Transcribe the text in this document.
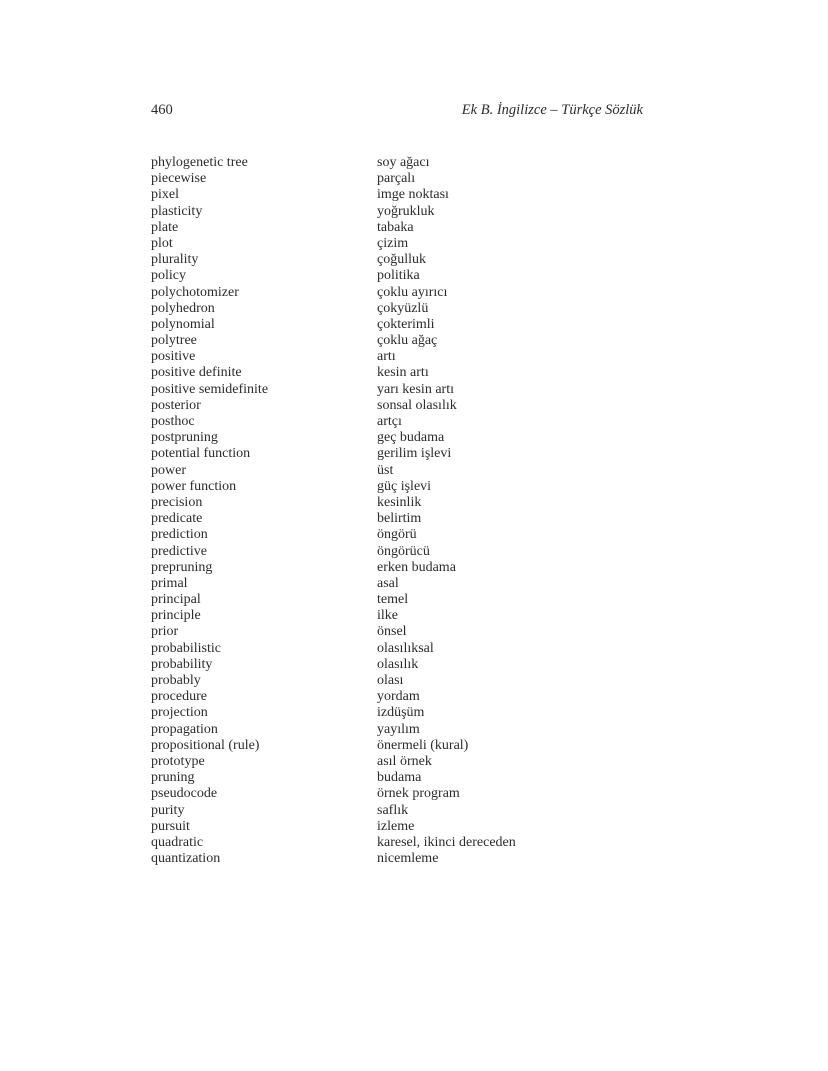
460	Ek B. İngilizce – Türkçe Sözlük
phylogenetic tree	soy ağacı
piecewise	parçalı
pixel	imge noktası
plasticity	yoğrukluk
plate	tabaka
plot	çizim
plurality	çoğulluk
policy	politika
polychotomizer	çoklu ayırıcı
polyhedron	çokyüzlü
polynomial	çokterimli
polytree	çoklu ağaç
positive	artı
positive definite	kesin artı
positive semidefinite	yarı kesin artı
posterior	sonsal olasılık
posthoc	artçı
postpruning	geç budama
potential function	gerilim işlevi
power	üst
power function	güç işlevi
precision	kesinlik
predicate	belirtim
prediction	öngörü
predictive	öngörücü
prepruning	erken budama
primal	asal
principal	temel
principle	ilke
prior	önsel
probabilistic	olasılıksal
probability	olasılık
probably	olası
procedure	yordam
projection	izdüşüm
propagation	yayılım
propositional (rule)	önermeli (kural)
prototype	asıl örnek
pruning	budama
pseudocode	örnek program
purity	saflık
pursuit	izleme
quadratic	karesel, ikinci dereceden
quantization	nicemleme
